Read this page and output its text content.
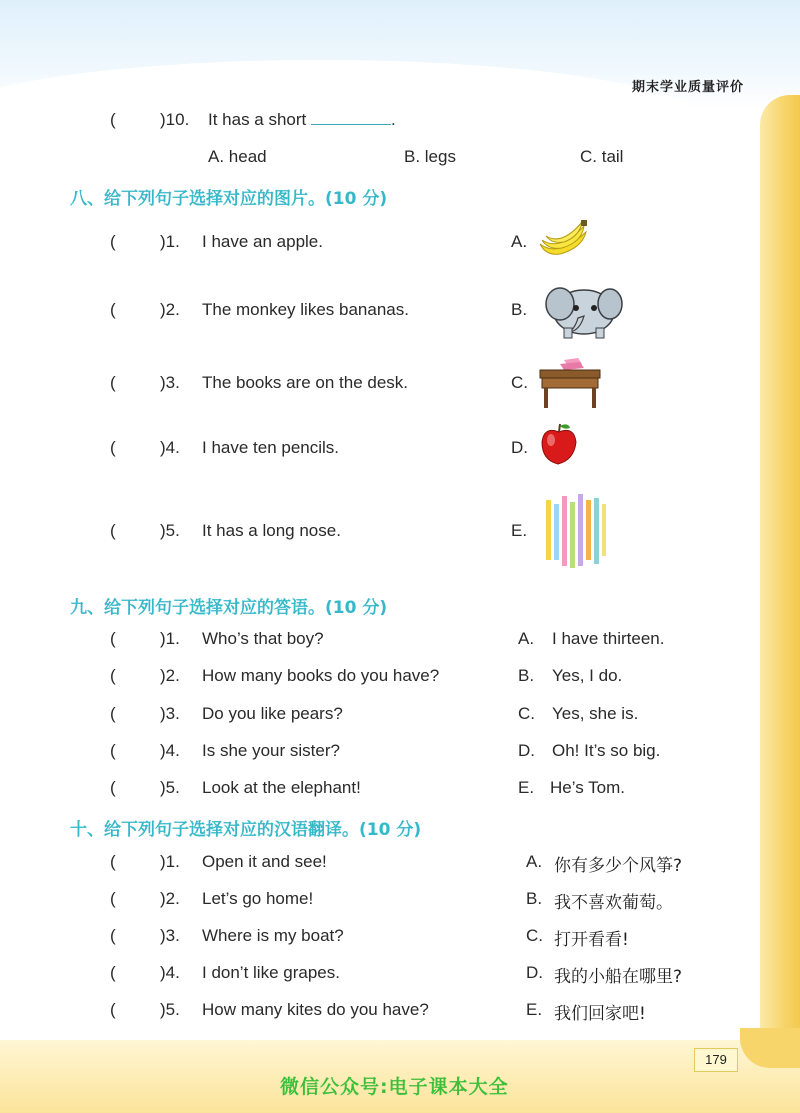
期末学业质量评价
(	)10. It has a short	.
A. head	B. legs	C. tail
八、给下列句子选择对应的图片。(10 分)
(	)1. I have an apple.	A.
(	)2. The monkey likes bananas.	B.
(	)3. The books are on the desk.	C.
(	)4. I have ten pencils.	D.
(	)5. It has a long nose.	E.
九、给下列句子选择对应的答语。(10 分)
(	)1. Who’s that boy?	A. I have thirteen.
(	)2. How many books do you have?	B. Yes, I do.
(	)3. Do you like pears?	C. Yes, she is.
(	)4. Is she your sister?	D. Oh! It’s so big.
(	)5. Look at the elephant!	E. He’s Tom.
十、给下列句子选择对应的汉语翻译。(10 分)
(	)1. Open it and see!	A. 你有多少个风筝?
(	)2. Let’s go home!	B. 我不喜欢葡萄。
(	)3. Where is my boat?	C. 打开看看!
(	)4. I don’t like grapes.	D. 我的小船在哪里?
(	)5. How many kites do you have?	E. 我们回家吧!
179
微信公众号:电子课本大全
